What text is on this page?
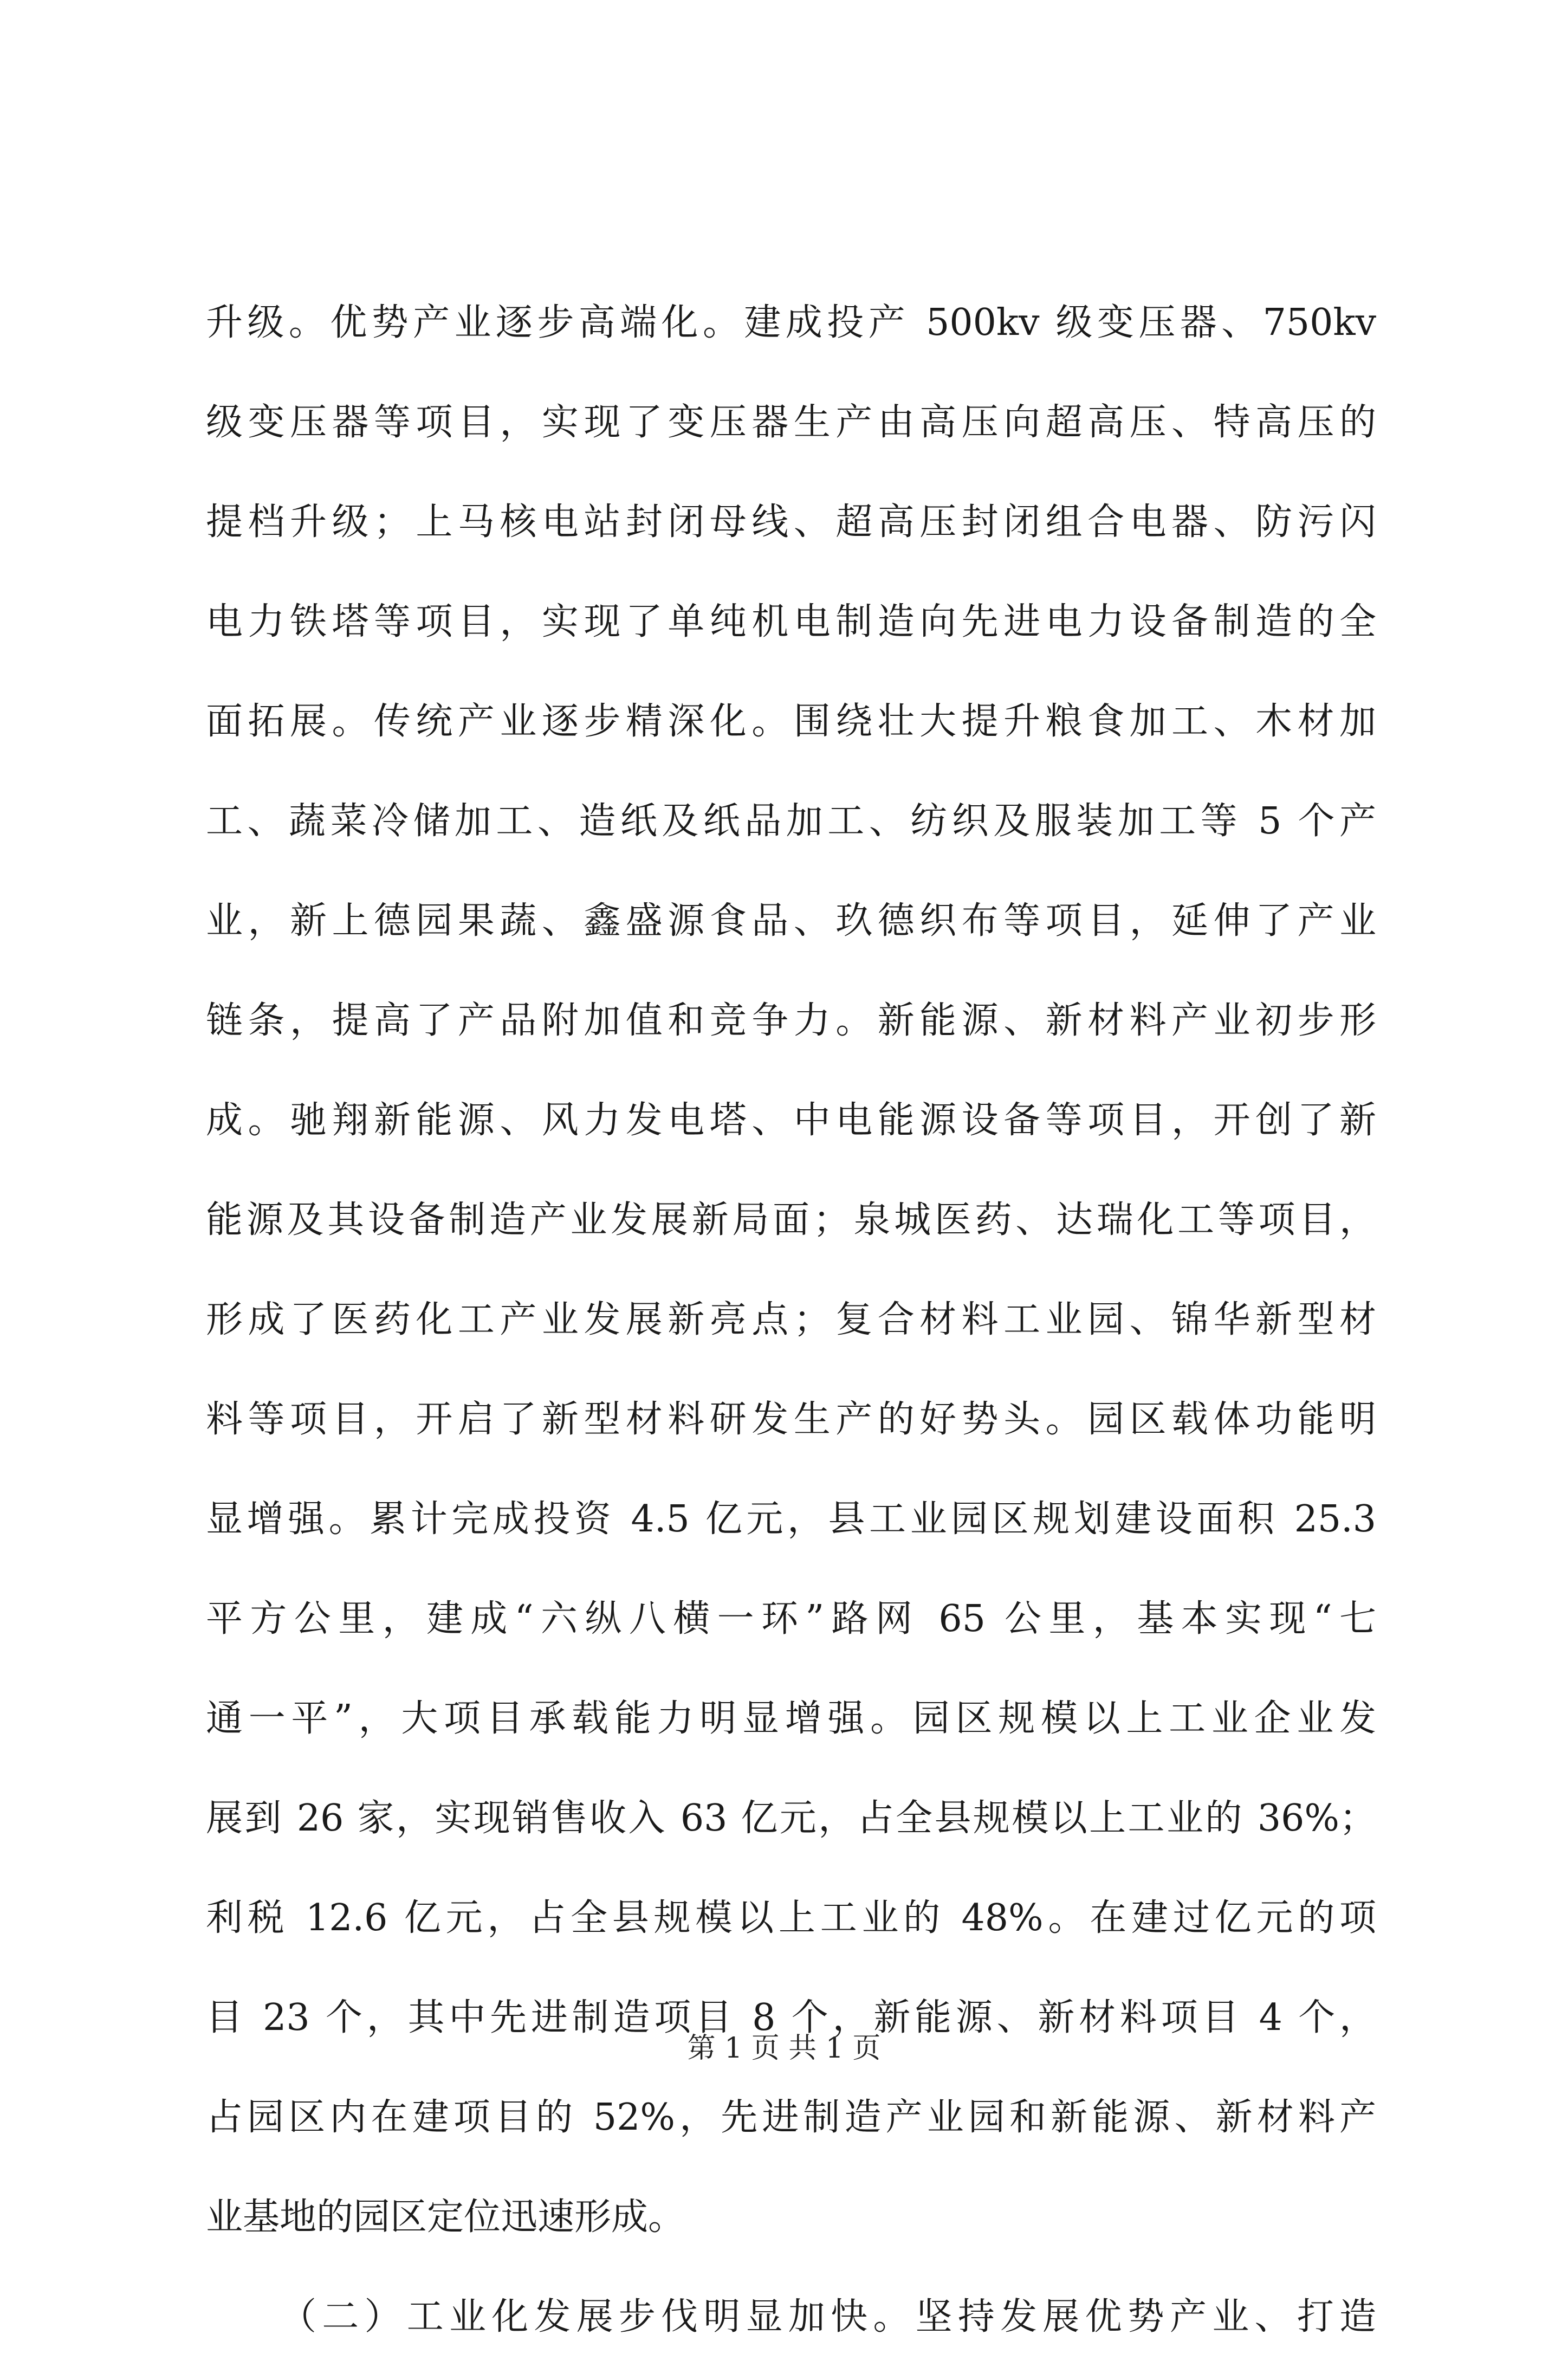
升级。优势产业逐步高端化。建成投产 500kv 级变压器、750kv
级变压器等项目，实现了变压器生产由高压向超高压、特高压的
提档升级；上马核电站封闭母线、超高压封闭组合电器、防污闪
电力铁塔等项目，实现了单纯机电制造向先进电力设备制造的全
面拓展。传统产业逐步精深化。围绕壮大提升粮食加工、木材加
工、蔬菜冷储加工、造纸及纸品加工、纺织及服装加工等 5 个产
业，新上德园果蔬、鑫盛源食品、玖德织布等项目，延伸了产业
链条，提高了产品附加值和竞争力。新能源、新材料产业初步形
成。驰翔新能源、风力发电塔、中电能源设备等项目，开创了新
能源及其设备制造产业发展新局面；泉城医药、达瑞化工等项目，
形成了医药化工产业发展新亮点；复合材料工业园、锦华新型材
料等项目，开启了新型材料研发生产的好势头。园区载体功能明
显增强。累计完成投资 4.5 亿元，县工业园区规划建设面积 25.3
平方公里，建成“六纵八横一环”路网 65 公里，基本实现“七
通一平”，大项目承载能力明显增强。园区规模以上工业企业发
展到 26 家，实现销售收入 63 亿元，占全县规模以上工业的 36%；
利税 12.6 亿元，占全县规模以上工业的 48%。在建过亿元的项
目 23 个，其中先进制造项目 8 个，新能源、新材料项目 4 个，
占园区内在建项目的 52%，先进制造产业园和新能源、新材料产
业基地的园区定位迅速形成。
（二）工业化发展步伐明显加快。坚持发展优势产业、打造
第 1 页 共 1 页
